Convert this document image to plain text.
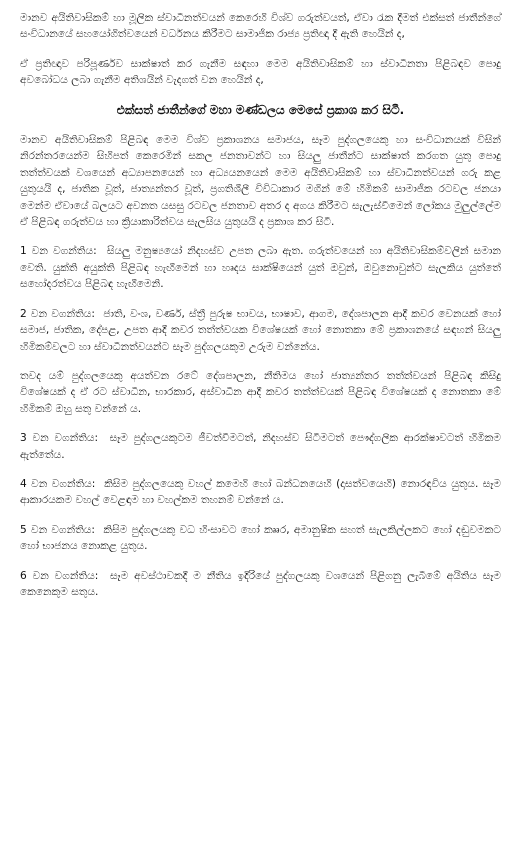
මානව අයිතිවාසිකම් හා මූලික ස්වාධීනත්වයන් කෙරෙහි විශ්ව ගරුත්වයත්, ඒවා රැක දීමත් එක්සත් ජාතීන්ගේ සංවිධානයේ සහයෝගිත්වයෙන් වර්ධනය කිරීමට සාමාජික රාජ්‍ය ප්‍රතිඥා දී ඇති හෙයින් ද,

ඒ ප්‍රතිඥාව පරිපූර්ණව සාක්ෂාත් කර ගැනීම සඳහා මෙම අයිතිවාසිකම් හා ස්වාධීනතා පිළිබඳව පොදු අවබෝධය ලබා ගැනීම අතිශයින් වැදගත් වන හෙයින් ද,

එක්සත් ජාතීන්ගේ මහා මණ්ඩලය මෙසේ ප්‍රකාශ කර සිටී.

මානව අයිතිවාසිකම් පිළිබඳ මෙම විශ්ව ප්‍රකාශනය සමාජය, සෑම පුද්ගලයෙකු හා සංවිධානයක් විසින් නිරන්තරයෙන්ම සිහිපත් කෙරෙමින් සකල ජනතාවන්ට හා සියලු ජාතීන්ට සාක්ෂාත් කරගත යුතු පොදු තත්ත්වයක් වශයෙන් අධ්‍යාපනයෙන් හා අධ්‍යයනයෙන් මෙම අයිතිවාසිකම් හා ස්වාධීනත්වයන් ගරු කළ යුතුයයි ද, ජාතික වූත්, ජාත්‍යන්තර වූත්, ප්‍රගතිශීලී විවිධාකාර මගින් මේ හිමිකම් සාමාජික රටවල ජනයා මෙන්ම ඒවායේ බලයට අවනත යසසු රටවල ජනතාව අතර ද අගය කිරීමට සැලැස්වීමෙන් ලෝකය මුලුල්ලේම ඒ පිළිබඳ ගරුත්වය හා ක්‍රියාකාරිත්වය සැලසිය යුතුයයි ද ප්‍රකාශ කර සිටී.

1 වන වගන්තිය: සියලු මනුෂ්‍යයෝ නිදහස්ව උපත ලබා ඇත. ගරුත්වයෙන් හා අයිතිවාසිකම්වලින් සමාන වෙති. යුක්ති අයුක්ති පිළිබඳ හැඟීමෙන් හා හෘදය සාක්ෂියෙන් යුත් ඔවුන්, ඔවුනොවුන්ට සැලකිය යුත්තේ සහෝදරත්වය පිළිබඳ හැඟීමෙනි.

2 වන වගන්තිය: ජාති, වංශ, වර්ණ, ස්ත්‍රී පුරුෂ භාවය, භාෂාව, ආගම, දේශපාලන ආදී කවර වෙනයක් හෝ සමාජ, ජාතික, දේපළ, උපත ආදී කවර තත්ත්වයක විශේෂයක් හෝ නොතකා මේ ප්‍රකාශනයේ සඳහන් සියලු හිමිකම්වලට හා ස්වාධීනත්වයන්ට සෑම පුද්ගලයකුම උරුම වන්නේය.

තවද යම් පුද්ගලයෙකු අයත්වන රටේ දේශපාලන, නීතිමය හෝ ජාත්‍යන්තර තත්ත්වයන් පිළිබඳ කිසිදු විශේෂයක් ද ඒ රට ස්වාධීන, භාරකාර, අස්වාධීන ආදී කවර තත්ත්වයක් පිළිබඳ විශේෂයක් ද නොතකා මේ හිමිකම් ඔහු සතු වන්නේ ය.

3 වන වගන්තිය: සෑම පුද්ගලයකුටම ජීවත්වීමටත්, නිදහස්ව සිටීමටත් පෞද්ගලික ආරක්ෂාවටත් හිමිකම ඇත්තේය.

4 වන වගන්තිය: කිසිම පුද්ගලයෙකු වහල් කමෙහි හෝ බන්ධනයෙහි (දාසත්වයෙහි) නොරඳවිය යුතුය. සෑම ආකාරයකම වහල් වෙළඳාම හා වහල්කම තහනම් වන්නේ ය.

5 වන වගන්තිය: කිසිම පුද්ගලයකු වධ හිංසාවට හෝ කෲර, අමානුෂික සහත් සැලකිල්ලකට හෝ දඬුවමකට හෝ භාජනය නොකළ යුතුය.

6 වන වගන්තිය: සෑම අවස්ථාවකදී ම නීතිය ඉදිරියේ පුද්ගලයකු වශයෙන් පිළිගනු ලැබීමේ අයිතිය සෑම කෙනෙකුම සතුය.
